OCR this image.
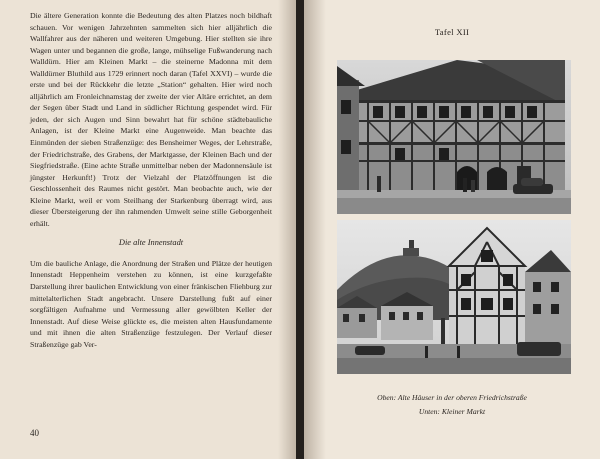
Die ältere Generation konnte die Bedeutung des alten Platzes noch bildhaft schauen. Vor wenigen Jahrzehnten sammelten sich hier alljährlich die Wallfahrer aus der näheren und weiteren Umgebung. Hier stellten sie ihre Wagen unter und begannen die große, lange, mühselige Fußwanderung nach Walldürn. Hier am Kleinen Markt – die steinerne Madonna mit dem Walldürner Bluthild aus 1729 erinnert noch daran (Tafel XXVI) – wurde die erste und bei der Rückkehr die letzte „Station“ gehalten. Hier wird noch alljährlich am Fronleichnamstag der zweite der vier Altäre errichtet, an dem der Segen über Stadt und Land in südlicher Richtung gespendet wird. Für jeden, der sich Augen und Sinn bewahrt hat für schöne städtebauliche Anlagen, ist der Kleine Markt eine Augenweide. Man beachte das Einmünden der sieben Straßenzüge: des Bensheimer Weges, der Lehrstraße, der Friedrichstraße, des Grabens, der Marktgasse, der Kleinen Bach und der Siegfriedstraße. (Eine achte Straße unmittelbar neben der Madonnensäule ist jüngster Herkunft!) Trotz der Vielzahl der Platzöffnungen ist die Geschlossenheit des Raumes nicht gestört. Man beobachte auch, wie der Kleine Markt, weil er vom Steilhang der Starkenburg überragt wird, aus dieser Übersteigerung der ihn rahmenden Umwelt seine stille Geborgenheit erhält.

Die alte Innenstadt

Um die bauliche Anlage, die Anordnung der Straßen und Plätze der heutigen Innenstadt Heppenheim verstehen zu können, ist eine kurzgefaßte Darstellung ihrer baulichen Entwicklung von einer fränkischen Fliehburg zur mittelalterlichen Stadt angebracht. Unsere Darstellung fußt auf einer sorgfältigen Aufnahme und Vermessung aller gewölbten Keller der Innenstadt. Auf diese Weise glückte es, die meisten alten Hausfundamente und mit ihnen die alten Straßenzüge festzulegen. Der Verlauf dieser Straßenzüge gab Ver-

40
Tafel XII
Oben: Alte Häuser in der oberen Friedrichstraße
Unten: Kleiner Markt
